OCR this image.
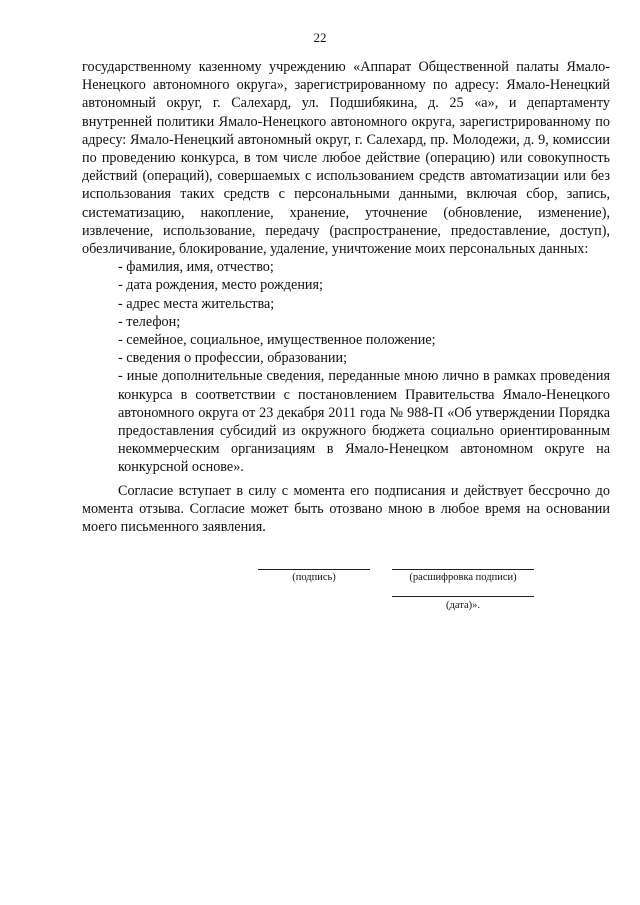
22

государственному казенному учреждению «Аппарат Общественной палаты Ямало-Ненецкого автономного округа», зарегистрированному по адресу: Ямало-Ненецкий автономный округ, г. Салехард, ул. Подшибякина, д. 25 «а», и департаменту внутренней политики Ямало-Ненецкого автономного округа, зарегистрированному по адресу: Ямало-Ненецкий автономный округ, г. Салехард, пр. Молодежи, д. 9, комиссии по проведению конкурса, в том числе любое действие (операцию) или совокупность действий (операций), совершаемых с использованием средств автоматизации или без использования таких средств с персональными данными, включая сбор, запись, систематизацию, накопление, хранение, уточнение (обновление, изменение), извлечение, использование, передачу (распространение, предоставление, доступ), обезличивание, блокирование, удаление, уничтожение моих персональных данных:

- фамилия, имя, отчество;
- дата рождения, место рождения;
- адрес места жительства;
- телефон;
- семейное, социальное, имущественное положение;
- сведения о профессии, образовании;
- иные дополнительные сведения, переданные мною лично в рамках проведения конкурса в соответствии с постановлением Правительства Ямало-Ненецкого автономного округа от 23 декабря 2011 года № 988-П «Об утверждении Порядка предоставления субсидий из окружного бюджета социально ориентированным некоммерческим организациям в Ямало-Ненецком автономном округе на конкурсной основе».

Согласие вступает в силу с момента его подписания и действует бессрочно до момента отзыва. Согласие может быть отозвано мною в любое время на основании моего письменного заявления.

(подпись)	(расшифровка подписи)
(дата)».
